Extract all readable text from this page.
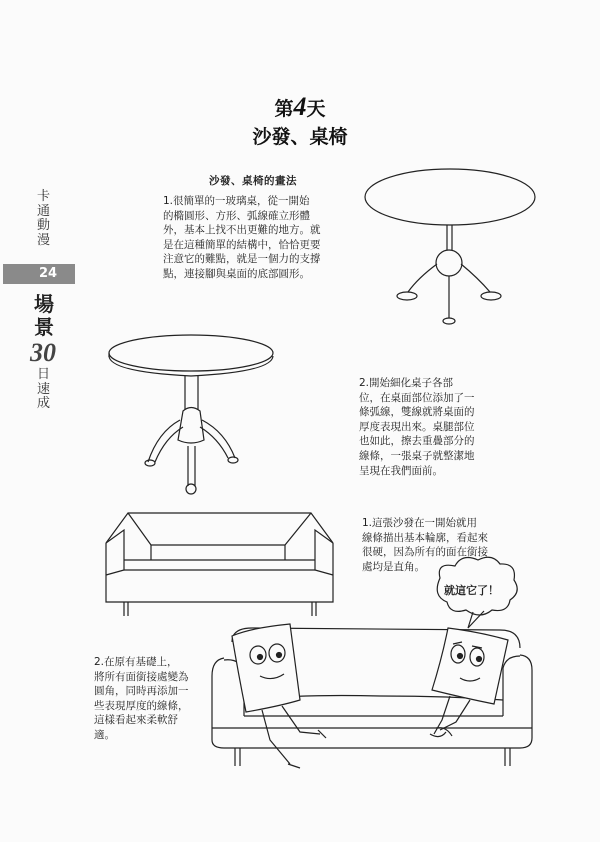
第4天
沙發、桌椅
卡
通
動
漫
24
場
景
30
日
速
成
沙發、桌椅的畫法
1.很簡單的一玻璃桌，從一開始
的橢圓形、方形、弧線確立形體
外，基本上找不出更難的地方。就
是在這種簡單的結構中，恰恰更要
注意它的難點，就是一個力的支撐
點，連接腳與桌面的底部圓形。
2.開始細化桌子各部
位，在桌面部位添加了一
條弧線，雙線就將桌面的
厚度表現出來。桌腿部位
也如此，擦去重疊部分的
線條，一張桌子就整潔地
呈現在我們面前。
1.這張沙發在一開始就用
線條描出基本輪廓，看起來
很硬，因為所有的面在銜接
處均是直角。
2.在原有基礎上，
將所有面銜接處變為
圓角，同時再添加一
些表現厚度的線條，
這樣看起來柔軟舒
適。
就這它了！
